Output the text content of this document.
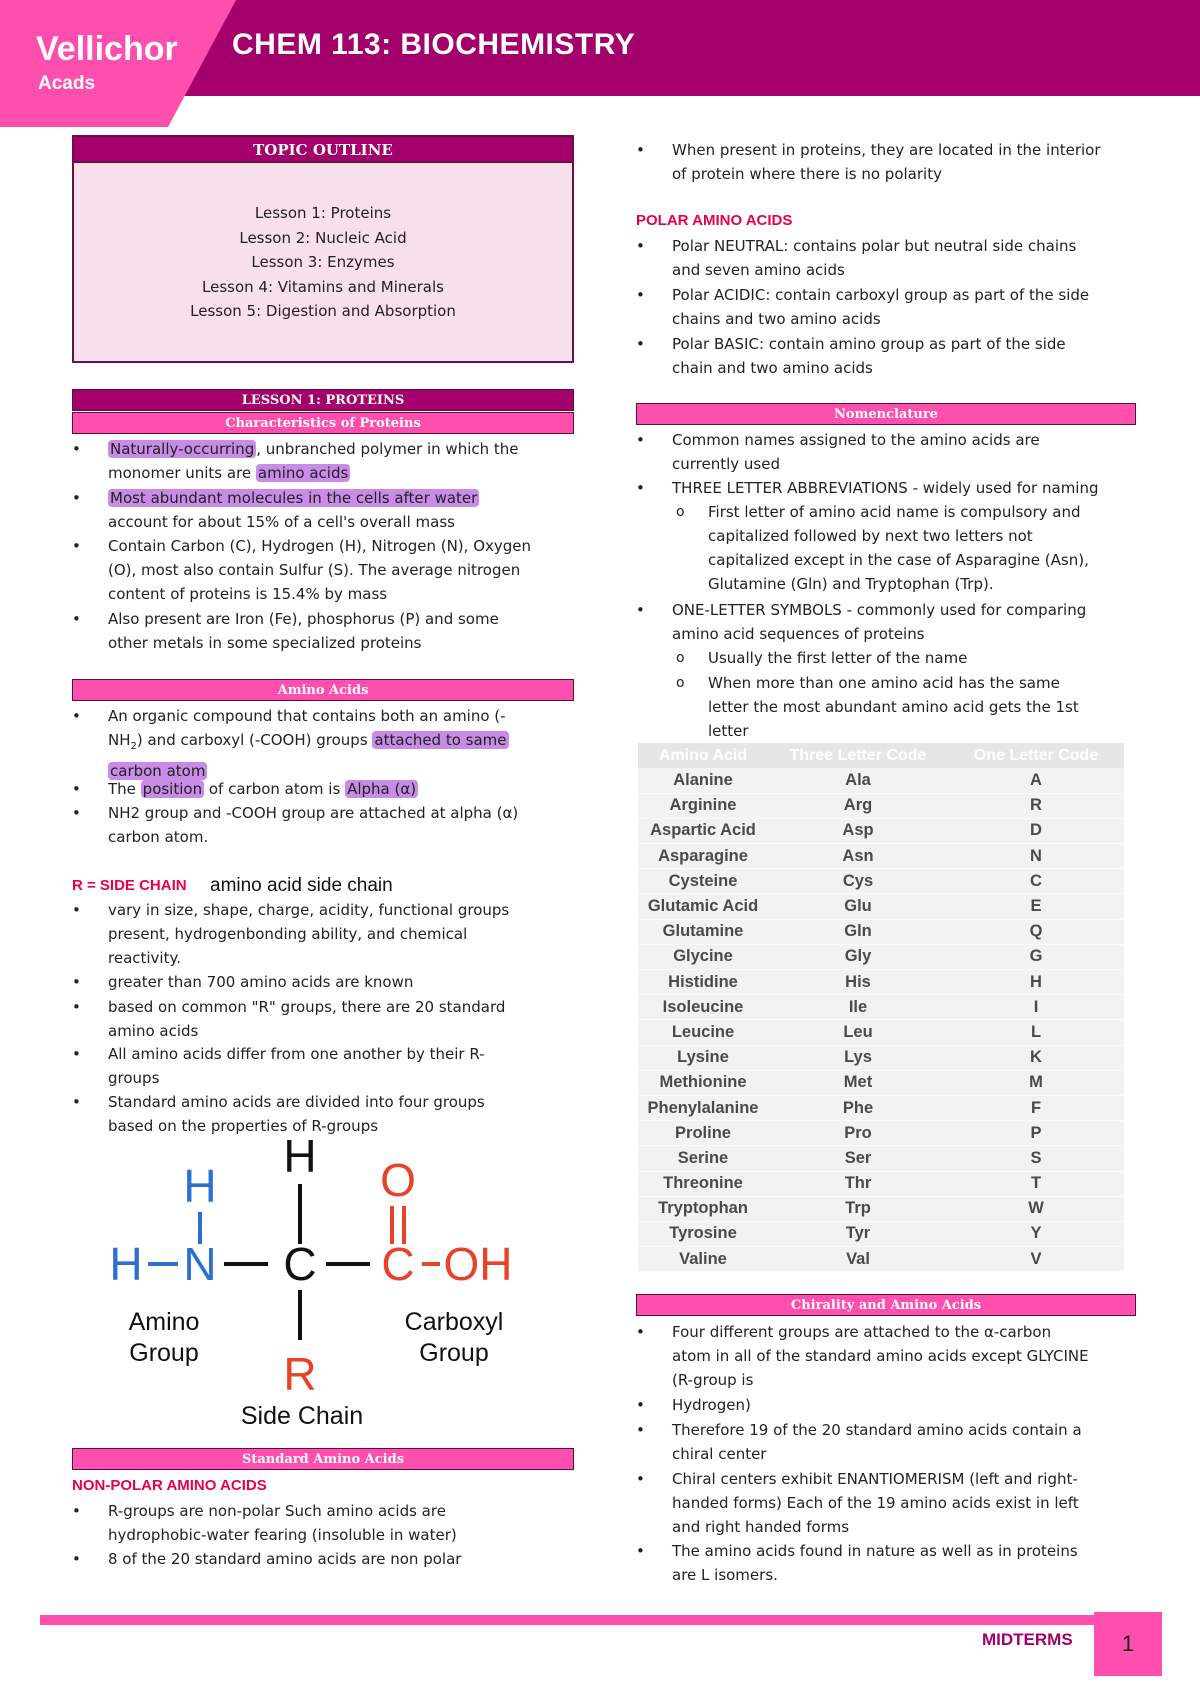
Vellichor
Acads
CHEM 113: BIOCHEMISTRY
TOPIC OUTLINE
Lesson 1: Proteins
Lesson 2: Nucleic Acid
Lesson 3: Enzymes
Lesson 4: Vitamins and Minerals
Lesson 5: Digestion and Absorption
LESSON 1: PROTEINS
Characteristics of Proteins
• Naturally-occurring , unbranched polymer in which the
monomer units are amino acids
• Most abundant molecules in the cells after water
account for about 15% of a cell's overall mass
• Contain Carbon (C), Hydrogen (H), Nitrogen (N), Oxygen
(O), most also contain Sulfur (S). The average nitrogen
content of proteins is 15.4% by mass
• Also present are Iron (Fe), phosphorus (P) and some
other metals in some specialized proteins
Amino Acids
• An organic compound that contains both an amino (-
$NH_2$) and carboxyl (-COOH) groups attached to same
carbon atom
• The position of carbon atom is Alpha (α)
• NH2 group and -COOH group are attached at alpha (α)
carbon atom.
R = SIDE CHAIN amino acid side chain
• vary in size, shape, charge, acidity, functional groups
present, hydrogenbonding ability, and chemical
reactivity.
• greater than 700 amino acids are known
• based on common "R" groups, there are 20 standard
amino acids
• All amino acids differ from one another by their R-
groups
• Standard amino acids are divided into four groups
based on the properties of R-groups
H
H N
H
C C
O
OH
R
Amino
Group
Carboxyl
Group
Side Chain
Standard Amino Acids
NON-POLAR AMINO ACIDS
• R-groups are non-polar Such amino acids are
hydrophobic-water fearing (insoluble in water)
• 8 of the 20 standard amino acids are non polar
• When present in proteins, they are located in the interior
of protein where there is no polarity
POLAR AMINO ACIDS
• Polar NEUTRAL: contains polar but neutral side chains
and seven amino acids
• Polar ACIDIC: contain carboxyl group as part of the side
chains and two amino acids
• Polar BASIC: contain amino group as part of the side
chain and two amino acids
Nomenclature
• Common names assigned to the amino acids are
currently used
• THREE LETTER ABBREVIATIONS - widely used for naming
o First letter of amino acid name is compulsory and
capitalized followed by next two letters not
capitalized except in the case of Asparagine (Asn),
Glutamine (Gln) and Tryptophan (Trp).
• ONE-LETTER SYMBOLS - commonly used for comparing
amino acid sequences of proteins
o Usually the first letter of the name
o When more than one amino acid has the same
letter the most abundant amino acid gets the 1st
letter
Amino Acid	Three Letter Code	One Letter Code
Alanine	Ala	A
Arginine	Arg	R
Aspartic Acid	Asp	D
Asparagine	Asn	N
Cysteine	Cys	C
Glutamic Acid	Glu	E
Glutamine	Gln	Q
Glycine	Gly	G
Histidine	His	H
Isoleucine	Ile	I
Leucine	Leu	L
Lysine	Lys	K
Methionine	Met	M
Phenylalanine	Phe	F
Proline	Pro	P
Serine	Ser	S
Threonine	Thr	T
Tryptophan	Trp	W
Tyrosine	Tyr	Y
Valine	Val	V
Chirality and Amino Acids
• Four different groups are attached to the α-carbon
atom in all of the standard amino acids except GLYCINE
(R-group is
• Hydrogen)
• Therefore 19 of the 20 standard amino acids contain a
chiral center
• Chiral centers exhibit ENANTIOMERISM (left and right-
handed forms) Each of the 19 amino acids exist in left
and right handed forms
• The amino acids found in nature as well as in proteins
are L isomers.
MIDTERMS	1
